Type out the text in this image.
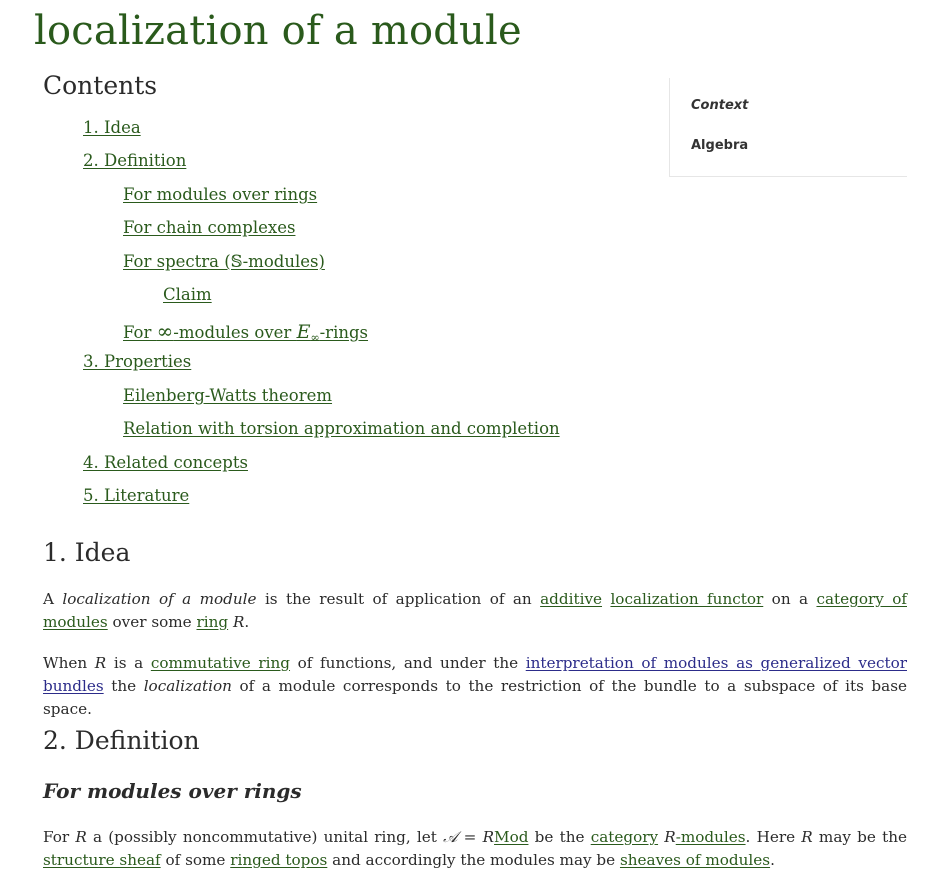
localization of a module
Contents
1. Idea
2. Definition
For modules over rings
For chain complexes
For spectra (𝕊-modules)
Claim
For ∞-modules over $E_\infty$-rings
3. Properties
Eilenberg-Watts theorem
Relation with torsion approximation and completion
4. Related concepts
5. Literature
Context
Algebra
1. Idea

A localization of a module is the result of application of an additive localization functor on a category of modules over some ring R.

When R is a commutative ring of functions, and under the interpretation of modules as generalized vector bundles the localization of a module corresponds to the restriction of the bundle to a subspace of its base space.

2. Definition
For modules over rings

For R a (possibly noncommutative) unital ring, let 𝒜 = RMod be the category R-modules. Here R may be the structure sheaf of some ringed topos and accordingly the modules may be sheaves of modules.
